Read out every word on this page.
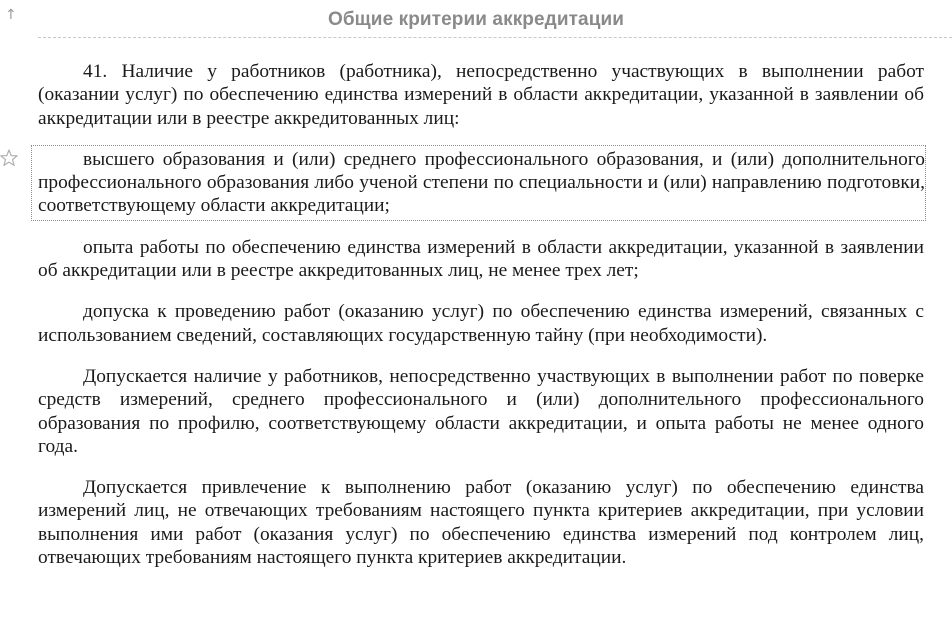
↑	Общие критерии аккредитации

41. Наличие у работников (работника), непосредственно участвующих в выполнении работ (оказании услуг) по обеспечению единства измерений в области аккредитации, указанной в заявлении об аккредитации или в реестре аккредитованных лиц:

высшего образования и (или) среднего профессионального образования, и (или) дополнительного профессионального образования либо ученой степени по специальности и (или) направлению подготовки, соответствующему области аккредитации;

опыта работы по обеспечению единства измерений в области аккредитации, указанной в заявлении об аккредитации или в реестре аккредитованных лиц, не менее трех лет;

допуска к проведению работ (оказанию услуг) по обеспечению единства измерений, связанных с использованием сведений, составляющих государственную тайну (при необходимости).

Допускается наличие у работников, непосредственно участвующих в выполнении работ по поверке средств измерений, среднего профессионального и (или) дополнительного профессионального образования по профилю, соответствующему области аккредитации, и опыта работы не менее одного года.

Допускается привлечение к выполнению работ (оказанию услуг) по обеспечению единства измерений лиц, не отвечающих требованиям настоящего пункта критериев аккредитации, при условии выполнения ими работ (оказания услуг) по обеспечению единства измерений под контролем лиц, отвечающих требованиям настоящего пункта критериев аккредитации.
